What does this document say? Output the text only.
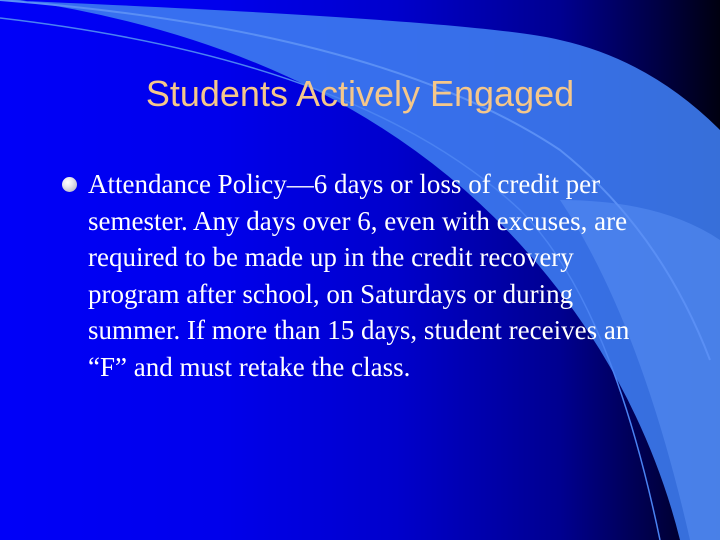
Students Actively Engaged
Attendance Policy—6 days or loss of credit per semester. Any days over 6, even with excuses, are required to be made up in the credit recovery program after school, on Saturdays or during summer. If more than 15 days, student receives an “F” and must retake the class.
